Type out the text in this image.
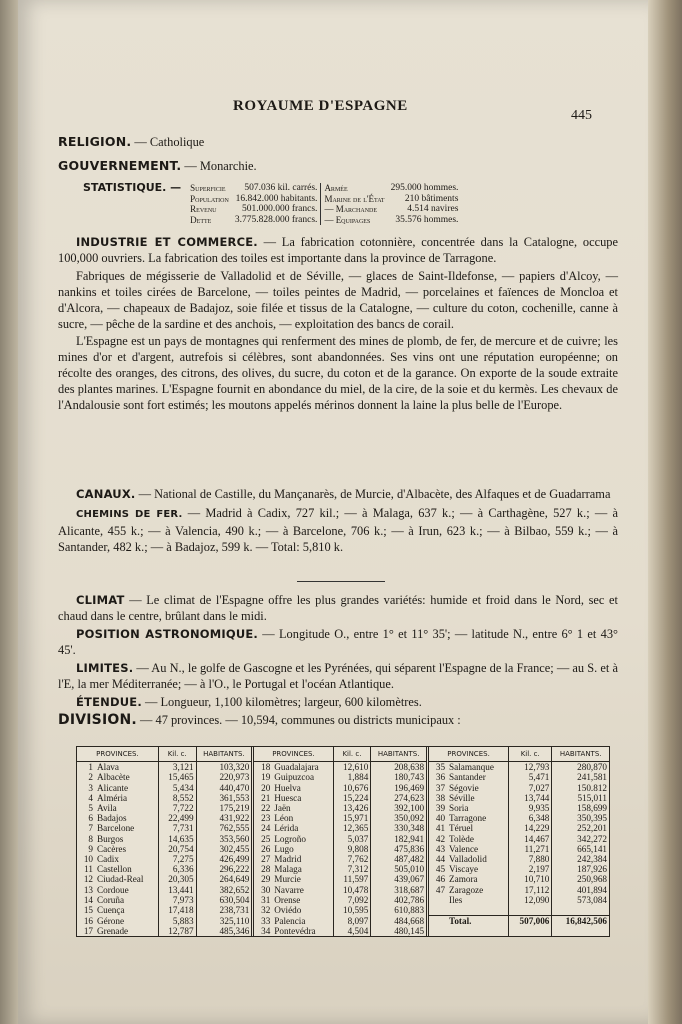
ROYAUME D'ESPAGNE
445

RELIGION. — Catholique

GOUVERNEMENT. — Monarchie.

STATISTIQUE. —	Superficie	507.036 kil. carrés.	Armée	295.000 hommes.
	Population	16.842.000 habitants.	Marine de l'État	210 bâtiments
	Revenu	501.000.000 francs.	— Marchande	4.514 navires
	Dette	3.775.828.000 francs.	— Equipages	35.576 hommes.

INDUSTRIE ET COMMERCE. — La fabrication cotonnière, concentrée dans la Catalogne, occupe 100,000 ouvriers. La fabrication des toiles est importante dans la province de Tarragone.

Fabriques de mégisserie de Valladolid et de Séville, — glaces de Saint-Ildefonse, — papiers d'Alcoy, — nankins et toiles cirées de Barcelone, — toiles peintes de Madrid, — porcelaines et faïences de Moncloa et d'Alcora, — chapeaux de Badajoz, soie filée et tissus de la Catalogne, — culture du coton, cochenille, canne à sucre, — pêche de la sardine et des anchois, — exploitation des bancs de corail.

L'Espagne est un pays de montagnes qui renferment des mines de plomb, de fer, de mercure et de cuivre; les mines d'or et d'argent, autrefois si célèbres, sont abandonnées. Ses vins ont une réputation européenne; on récolte des oranges, des citrons, des olives, du sucre, du coton et de la garance. On exporte de la soude extraite des plantes marines. L'Espagne fournit en abondance du miel, de la cire, de la soie et du kermès. Les chevaux de l'Andalousie sont fort estimés; les moutons appelés mérinos donnent la laine la plus belle de l'Europe.

CANAUX. — National de Castille, du Mançanarès, de Murcie, d'Albacète, des Alfaques et de Guadarrama

CHEMINS DE FER. — Madrid à Cadix, 727 kil.; — à Malaga, 637 k.; — à Carthagène, 527 k.; — à Alicante, 455 k.; — à Valencia, 490 k.; — à Barcelone, 706 k.; — à Irun, 623 k.; — à Bilbao, 559 k.; — à Santander, 482 k.; — à Badajoz, 599 k. — Total: 5,810 k.

CLIMAT — Le climat de l'Espagne offre les plus grandes variétés: humide et froid dans le Nord, sec et chaud dans le centre, brûlant dans le midi.

POSITION ASTRONOMIQUE. — Longitude O., entre 1° et 11° 35'; — latitude N., entre 6° 1 et 43° 45'.

LIMITES. — Au N., le golfe de Gascogne et les Pyrénées, qui séparent l'Espagne de la France; — au S. et à l'E, la mer Méditerranée; — à l'O., le Portugal et l'océan Atlantique.

ÉTENDUE. — Longueur, 1,100 kilomètres; largeur, 600 kilomètres.

DIVISION. — 47 provinces. — 10,594, communes ou districts municipaux :

PROVINCES.		Kil. c.	HABITANTS.	PROVINCES.		Kil. c.	HABITANTS.	PROVINCES.		Kil. c.	HABITANTS.
1	Alava	3,121	103,320	18	Guadalajara	12,610	208,638	35	Salamanque	12,793	280,870
2	Albacète	15,465	220,973	19	Guipuzcoa	1,884	180,743	36	Santander	5,471	241,581
3	Alicante	5,434	440,470	20	Huelva	10,676	196,469	37	Ségovie	7,027	150.812
4	Alméria	8,552	361,553	21	Huesca	15,224	274,623	38	Séville	13,744	515,011
5	Avila	7,722	175,219	22	Jaën	13,426	392,100	39	Soria	9,935	158,699
6	Badajos	22,499	431,922	23	Léon	15,971	350,092	40	Tarragone	6,348	350,395
7	Barcelone	7,731	762,555	24	Lérida	12,365	330,348	41	Téruel	14,229	252,201
8	Burgos	14,635	353,560	25	Logroño	5,037	182,941	42	Tolède	14,467	342,272
9	Cacères	20,754	302,455	26	Lugo	9,808	475,836	43	Valence	11,271	665,141
10	Cadix	7,275	426,499	27	Madrid	7,762	487,482	44	Valladolid	7,880	242,384
11	Castellon	6,336	296,222	28	Malaga	7,312	505,010	45	Viscaye	2,197	187,926
12	Ciudad-Real	20,305	264,649	29	Murcie	11,597	439,067	46	Zamora	10,710	250,968
13	Cordoue	13,441	382,652	30	Navarre	10,478	318,687	47	Zaragoze	17,112	401,894
14	Coruña	7,973	630,504	31	Orense	7,092	402,786		Iles	12,090	573,084
15	Cuença	17,418	238,731	32	Oviédo	10,595	610,883				
16	Gérone	5,883	325,110	33	Palencia	8,097	484,668		Total.	507,006	16,842,506
17	Grenade	12,787	485,346	34	Pontevédra	4,504	480,145				
